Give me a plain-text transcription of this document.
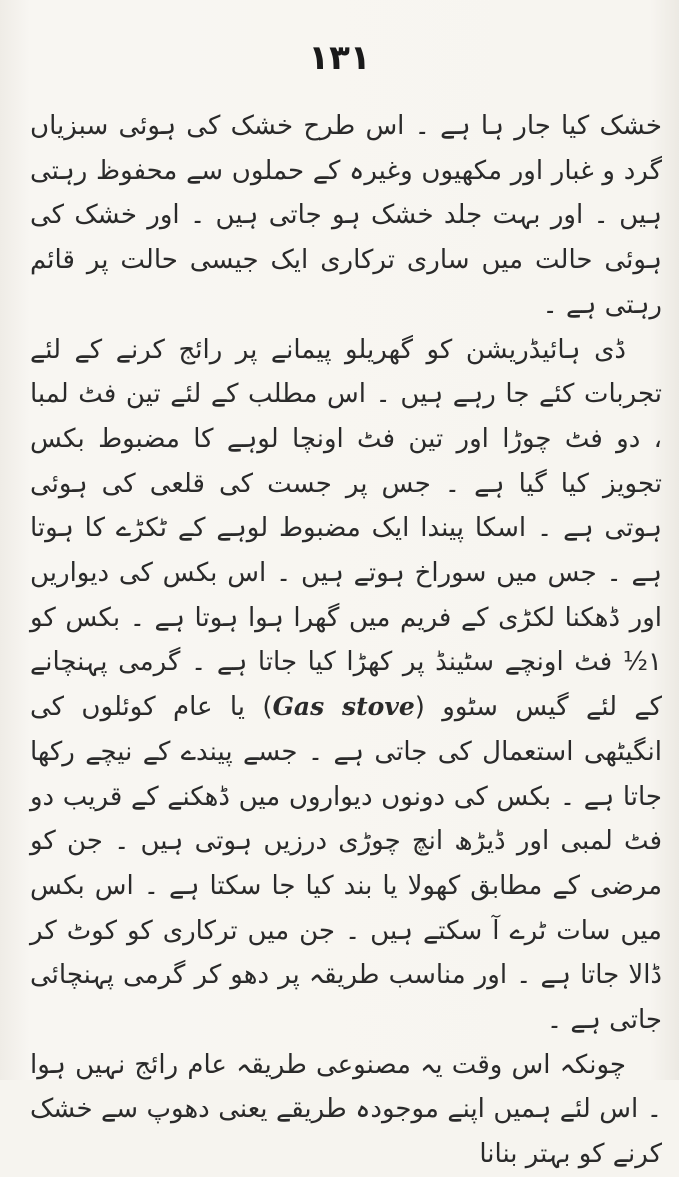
۱۳۱

خشک کیا جار ہا ہے ۔ اس طرح خشک کی ہوئی سبزیاں گرد و غبار اور مکھیوں وغیرہ کے حملوں سے محفوظ رہتی ہیں ۔ اور بہت جلد خشک ہو جاتی ہیں ۔ اور خشک کی ہوئی حالت میں ساری ترکاری ایک جیسی حالت پر قائم رہتی ہے ۔

ڈی ہائیڈریشن کو گھریلو پیمانے پر رائج کرنے کے لئے تجربات کئے جا رہے ہیں ۔ اس مطلب کے لئے تین فٹ لمبا ، دو فٹ چوڑا اور تین فٹ اونچا لوہے کا مضبوط بکس تجویز کیا گیا ہے ۔ جس پر جست کی قلعی کی ہوئی ہوتی ہے ۔ اسکا پیندا ایک مضبوط لوہے کے ٹکڑے کا ہوتا ہے ۔ جس میں سوراخ ہوتے ہیں ۔ اس بکس کی دیواریں اور ڈھکنا لکڑی کے فریم میں گھرا ہوا ہوتا ہے ۔ بکس کو ۱½ فٹ اونچے سٹینڈ پر کھڑا کیا جاتا ہے ۔ گرمی پہنچانے کے لئے گیس سٹوو (Gas stove) یا عام کوئلوں کی انگیٹھی استعمال کی جاتی ہے ۔ جسے پیندے کے نیچے رکھا جاتا ہے ۔ بکس کی دونوں دیواروں میں ڈھکنے کے قریب دو فٹ لمبی اور ڈیڑھ انچ چوڑی درزیں ہوتی ہیں ۔ جن کو مرضی کے مطابق کھولا یا بند کیا جا سکتا ہے ۔ اس بکس میں سات ٹرے آ سکتے ہیں ۔ جن میں ترکاری کو کوٹ کر ڈالا جاتا ہے ۔ اور مناسب طریقہ پر دھو کر گرمی پہنچائی جاتی ہے ۔

چونکہ اس وقت یہ مصنوعی طریقہ عام رائج نہیں ہوا ۔ اس لئے ہمیں اپنے موجودہ طریقے یعنی دھوپ سے خشک کرنے کو بہتر بنانا
